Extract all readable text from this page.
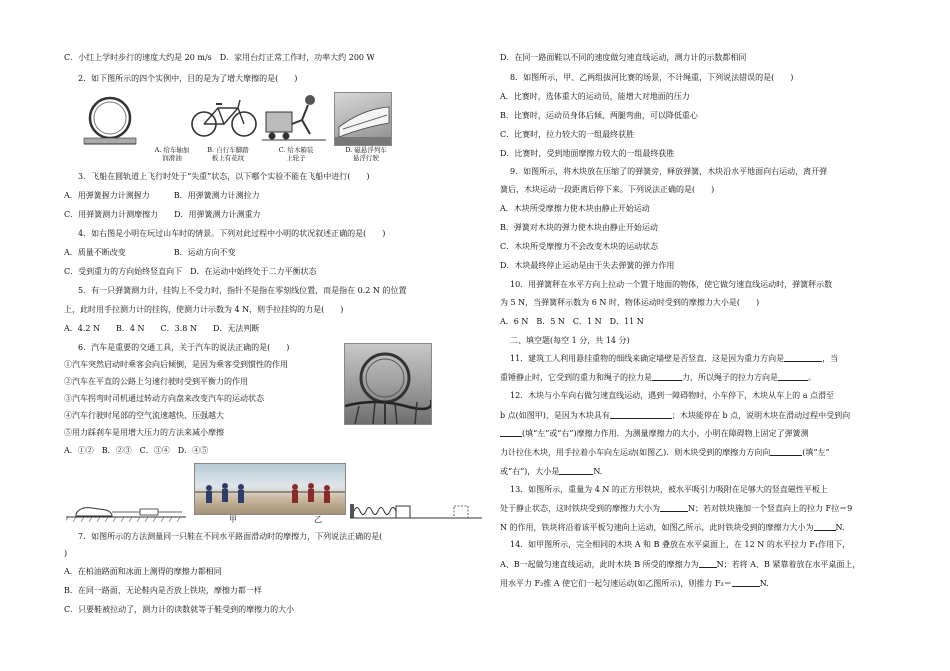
C．小红上学时步行的速度大约是 20 m/s　D．家用台灯正常工作时，功率大约 200 W
2．如下图所示的四个实例中，目的是为了增大摩擦的是(　　)
A. 给车轴加
润滑油
B. 自行车脚踏
板上有花纹
C. 给木箱装
上轮子
D. 磁悬浮列车
悬浮行驶
3．飞船在圆轨道上飞行时处于“失重”状态，以下哪个实验不能在飞船中进行(　　)
A．用弹簧握力计测握力　　　B．用弹簧测力计测拉力
C．用弹簧测力计测摩擦力　　D．用弹簧测力计测重力
4．如右图是小明在玩过山车时的情景。下列对此过程中小明的状况叙述正确的是(　　)
A．质量不断改变　　　　　　B．运动方向不变
C．受到重力的方向始终竖直向下　D．在运动中始终处于二力平衡状态
5．有一只弹簧测力计，挂钩上不受力时，指针不是指在零刻线位置，而是指在 0.2 N 的位置
上，此时用手拉测力计的挂钩，使测力计示数为 4 N，则手拉挂钩的力是(　　)
A．4.2 N　　B．4 N　　C．3.8 N　　D．无法判断
6．汽车是重要的交通工具，关于汽车的说法正确的是(　　)
①汽车突然启动时乘客会向后倾倒，是因为乘客受到惯性的作用
②汽车在平直的公路上匀速行驶时受到平衡力的作用
③汽车拐弯时司机通过转动方向盘来改变汽车的运动状态
④汽车行驶时尾部的空气流速越快、压强越大
⑤用力踩刹车是用增大压力的方法来减小摩擦
A．①②　B．②③　C．③④　D．④⑤
甲	乙
7．如图所示的方法测量同一只鞋在不同水平路面滑动时的摩擦力，下列说法正确的是(　　
)
A．在柏油路面和冰面上测得的摩擦力都相同
B．在同一路面，无论鞋内是否放上铁块，摩擦力都一样
C．只要鞋被拉动了，测力计的读数就等于鞋受到的摩擦力的大小
D．在同一路面鞋以不同的速度做匀速直线运动，测力计的示数都相同
8．如图所示，甲、乙两组拔河比赛的场景，不计绳重，下列说法错误的是(　　)
A．比赛时，选体重大的运动员，能增大对地面的压力
B．比赛时，运动员身体后倾、两腿弯曲，可以降低重心
C．比赛时，拉力较大的一组最终获胜
D．比赛时，受到地面摩擦力较大的一组最终获胜
9．如图所示，将木块放在压缩了的弹簧旁，释放弹簧，木块沿水平地面向右运动，离开弹
簧后，木块运动一段距离后停下来。下列说法正确的是(　　)
A．木块所受摩擦力使木块由静止开始运动
B．弹簧对木块的弹力使木块由静止开始运动
C．木块所受摩擦力不会改变木块的运动状态
D．木块最终停止运动是由于失去弹簧的弹力作用
10．用弹簧秤在水平方向上拉动一个置于地面的物体，使它做匀速直线运动时，弹簧秤示数
为 5 N，当弹簧秤示数为 6 N 时，物体运动时受到的摩擦力大小是(　　)
A．6 N　B．5 N　C．1 N　D．11 N
二、填空题(每空 1 分，共 14 分)
11．建筑工人利用悬挂重物的细线来确定墙壁是否竖直．这是因为重力方向是	，当
重锤静止时，它受到的重力和绳子的拉力是	力，所以绳子的拉力方向是	。
12．木块与小车向右做匀速直线运动，遇到一障碍物时，小车停下，木块从车上的 a 点滑至
b 点(如图甲)，是因为木块具有	；木块能停在 b 点，说明木块在滑动过程中受到向
(填“左”或“右”)摩擦力作用．为测量摩擦力的大小，小明在障碍物上固定了弹簧测
力计拉住木块，用手拉着小车向左运动(如图乙)．则木块受到的摩擦力方向向	(填“左”
或“右”)，大小是	N.
13．如图所示，重量为 4 N 的正方形铁块，被水平吸引力吸附在足够大的竖直磁性平板上
处于静止状态，这时铁块受到的摩擦力大小为	N；若对铁块施加一个竖直向上的拉力 F拉＝9
N 的作用，铁块将沿着该平板匀速向上运动，如图乙所示，此时铁块受到的摩擦力大小为	N.
14．如甲图所示，完全相同的木块 A 和 B 叠放在水平桌面上，在 12 N 的水平拉力 F₁作用下，
A、B一起做匀速直线运动，此时木块 B 所受的摩擦力为 N；若将 A、B 紧靠着放在水平桌面上，
用水平力 F₂推 A 使它们一起匀速运动(如乙图所示)，则推力 F₂＝	N.
